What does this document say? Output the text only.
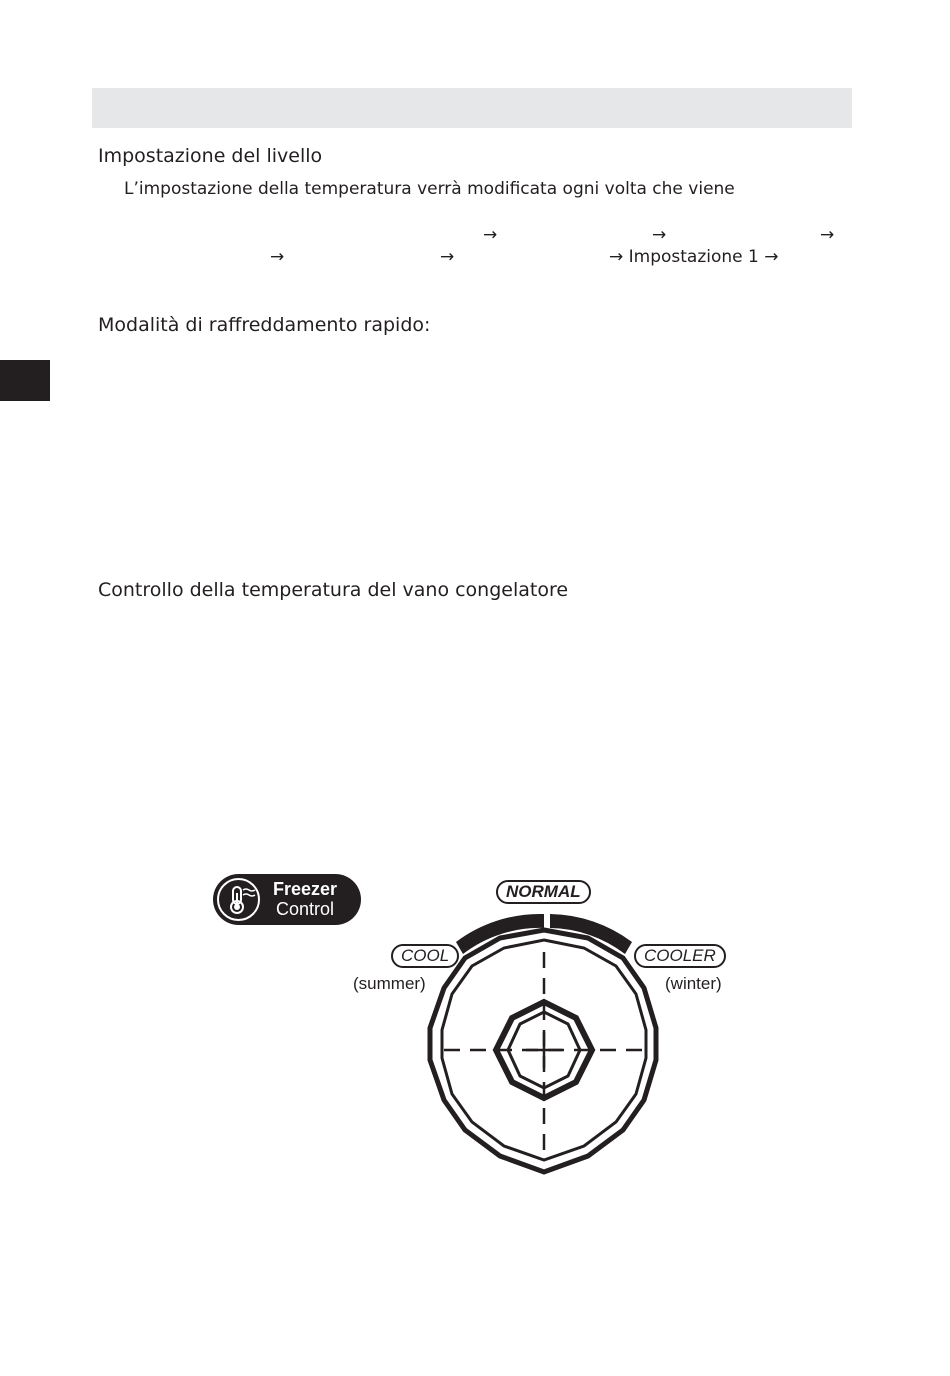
Impostazione del livello
L’impostazione della temperatura verrà modificata ogni volta che viene
→	→	→
→	→	→ Impostazione 1 →
Modalità di raffreddamento rapido:
Controllo della temperatura del vano congelatore
Freezer
Control
NORMAL
COOL	COOLER
(summer)	(winter)
